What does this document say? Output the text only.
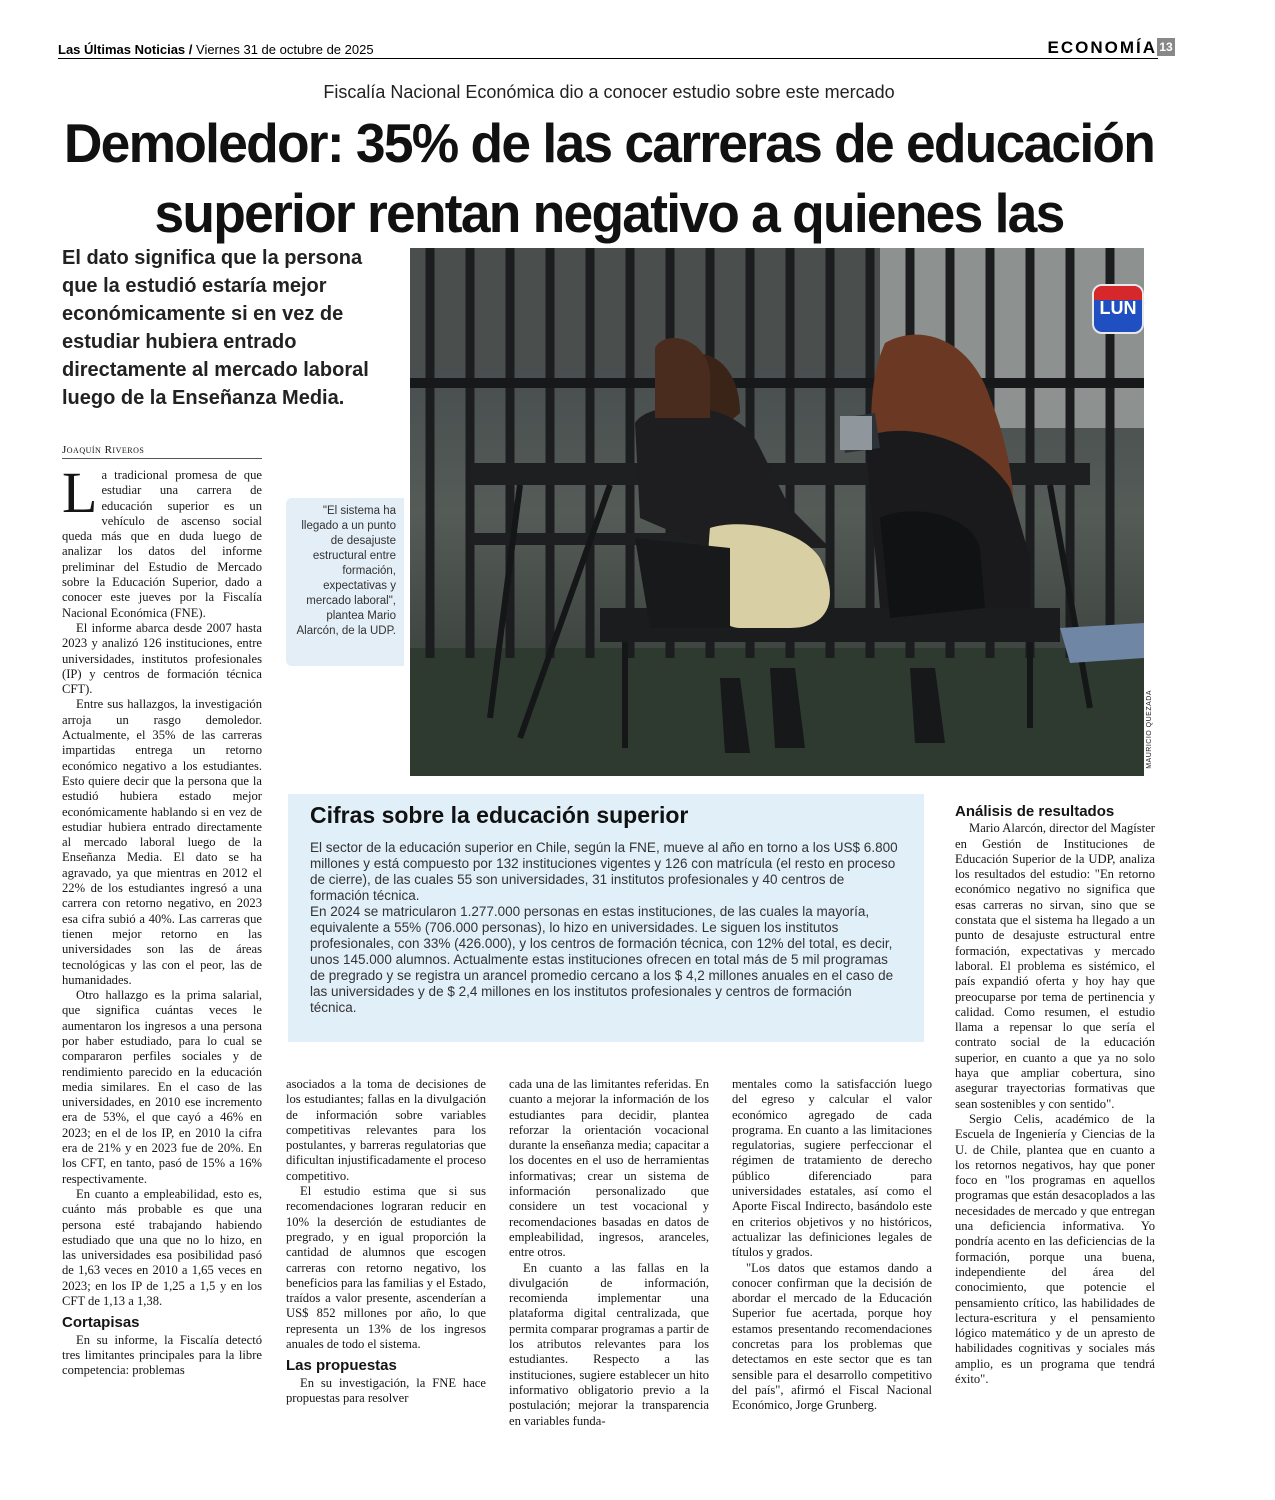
Las Últimas Noticias / Viernes 31 de octubre de 2025	ECONOMÍA 13
Fiscalía Nacional Económica dio a conocer estudio sobre este mercado
Demoledor: 35% de las carreras de educación superior rentan negativo a quienes las
El dato significa que la persona que la estudió estaría mejor económicamente si en vez de estudiar hubiera entrado directamente al mercado laboral luego de la Enseñanza Media.
Joaquín Riveros

La tradicional promesa de que estudiar una carrera de educación superior es un vehículo de ascenso social queda más que en duda luego de analizar los datos del informe preliminar del Estudio de Mercado sobre la Educación Superior, dado a conocer este jueves por la Fiscalía Nacional Económica (FNE).

El informe abarca desde 2007 hasta 2023 y analizó 126 instituciones, entre universidades, institutos profesionales (IP) y centros de formación técnica CFT).

Entre sus hallazgos, la investigación arroja un rasgo demoledor. Actualmente, el 35% de las carreras impartidas entrega un retorno económico negativo a los estudiantes. Esto quiere decir que la persona que la estudió hubiera estado mejor económicamente hablando si en vez de estudiar hubiera entrado directamente al mercado laboral luego de la Enseñanza Media. El dato se ha agravado, ya que mientras en 2012 el 22% de los estudiantes ingresó a una carrera con retorno negativo, en 2023 esa cifra subió a 40%. Las carreras que tienen mejor retorno en las universidades son las de áreas tecnológicas y las con el peor, las de humanidades.

Otro hallazgo es la prima salarial, que significa cuántas veces le aumentaron los ingresos a una persona por haber estudiado, para lo cual se compararon perfiles sociales y de rendimiento parecido en la educación media similares. En el caso de las universidades, en 2010 ese incremento era de 53%, el que cayó a 46% en 2023; en el de los IP, en 2010 la cifra era de 21% y en 2023 fue de 20%. En los CFT, en tanto, pasó de 15% a 16% respectivamente.

En cuanto a empleabilidad, esto es, cuánto más probable es que una persona esté trabajando habiendo estudiado que una que no lo hizo, en las universidades esa posibilidad pasó de 1,63 veces en 2010 a 1,65 veces en 2023; en los IP de 1,25 a 1,5 y en los CFT de 1,13 a 1,38.

Cortapisas

En su informe, la Fiscalía detectó tres limitantes principales para la libre competencia: problemas

LUN
MAURICIO QUEZADA
"El sistema ha llegado a un punto de desajuste estructural entre formación, expectativas y mercado laboral", plantea Mario Alarcón, de la UDP.
Cifras sobre la educación superior

El sector de la educación superior en Chile, según la FNE, mueve al año en torno a los US$ 6.800 millones y está compuesto por 132 instituciones vigentes y 126 con matrícula (el resto en proceso de cierre), de las cuales 55 son universidades, 31 institutos profesionales y 40 centros de formación técnica.

En 2024 se matricularon 1.277.000 personas en estas instituciones, de las cuales la mayoría, equivalente a 55% (706.000 personas), lo hizo en universidades. Le siguen los institutos profesionales, con 33% (426.000), y los centros de formación técnica, con 12% del total, es decir, unos 145.000 alumnos. Actualmente estas instituciones ofrecen en total más de 5 mil programas de pregrado y se registra un arancel promedio cercano a los $ 4,2 millones anuales en el caso de las universidades y de $ 2,4 millones en los institutos profesionales y centros de formación técnica.

asociados a la toma de decisiones de los estudiantes; fallas en la divulgación de información sobre variables competitivas relevantes para los postulantes, y barreras regulatorias que dificultan injustificadamente el proceso competitivo.

El estudio estima que si sus recomendaciones lograran reducir en 10% la deserción de estudiantes de pregrado, y en igual proporción la cantidad de alumnos que escogen carreras con retorno negativo, los beneficios para las familias y el Estado, traídos a valor presente, ascenderían a US$ 852 millones por año, lo que representa un 13% de los ingresos anuales de todo el sistema.

Las propuestas

En su investigación, la FNE hace propuestas para resolver

cada una de las limitantes referidas. En cuanto a mejorar la información de los estudiantes para decidir, plantea reforzar la orientación vocacional durante la enseñanza media; capacitar a los docentes en el uso de herramientas informativas; crear un sistema de información personalizado que considere un test vocacional y recomendaciones basadas en datos de empleabilidad, ingresos, aranceles, entre otros.

En cuanto a las fallas en la divulgación de información, recomienda implementar una plataforma digital centralizada, que permita comparar programas a partir de los atributos relevantes para los estudiantes. Respecto a las instituciones, sugiere establecer un hito informativo obligatorio previo a la postulación; mejorar la transparencia en variables funda-

mentales como la satisfacción luego del egreso y calcular el valor económico agregado de cada programa. En cuanto a las limitaciones regulatorias, sugiere perfeccionar el régimen de tratamiento de derecho público diferenciado para universidades estatales, así como el Aporte Fiscal Indirecto, basándolo este en criterios objetivos y no históricos, actualizar las definiciones legales de títulos y grados.

"Los datos que estamos dando a conocer confirman que la decisión de abordar el mercado de la Educación Superior fue acertada, porque hoy estamos presentando recomendaciones concretas para los problemas que detectamos en este sector que es tan sensible para el desarrollo competitivo del país", afirmó el Fiscal Nacional Económico, Jorge Grunberg.

Análisis de resultados

Mario Alarcón, director del Magíster en Gestión de Instituciones de Educación Superior de la UDP, analiza los resultados del estudio: "En retorno económico negativo no significa que esas carreras no sirvan, sino que se constata que el sistema ha llegado a un punto de desajuste estructural entre formación, expectativas y mercado laboral. El problema es sistémico, el país expandió oferta y hoy hay que preocuparse por tema de pertinencia y calidad. Como resumen, el estudio llama a repensar lo que sería el contrato social de la educación superior, en cuanto a que ya no solo haya que ampliar cobertura, sino asegurar trayectorias formativas que sean sostenibles y con sentido".

Sergio Celis, académico de la Escuela de Ingeniería y Ciencias de la U. de Chile, plantea que en cuanto a los retornos negativos, hay que poner foco en "los programas en aquellos programas que están desacoplados a las necesidades de mercado y que entregan una deficiencia informativa. Yo pondría acento en las deficiencias de la formación, porque una buena, independiente del área del conocimiento, que potencie el pensamiento crítico, las habilidades de lectura-escritura y el pensamiento lógico matemático y de un apresto de habilidades cognitivas y sociales más amplio, es un programa que tendrá éxito".
